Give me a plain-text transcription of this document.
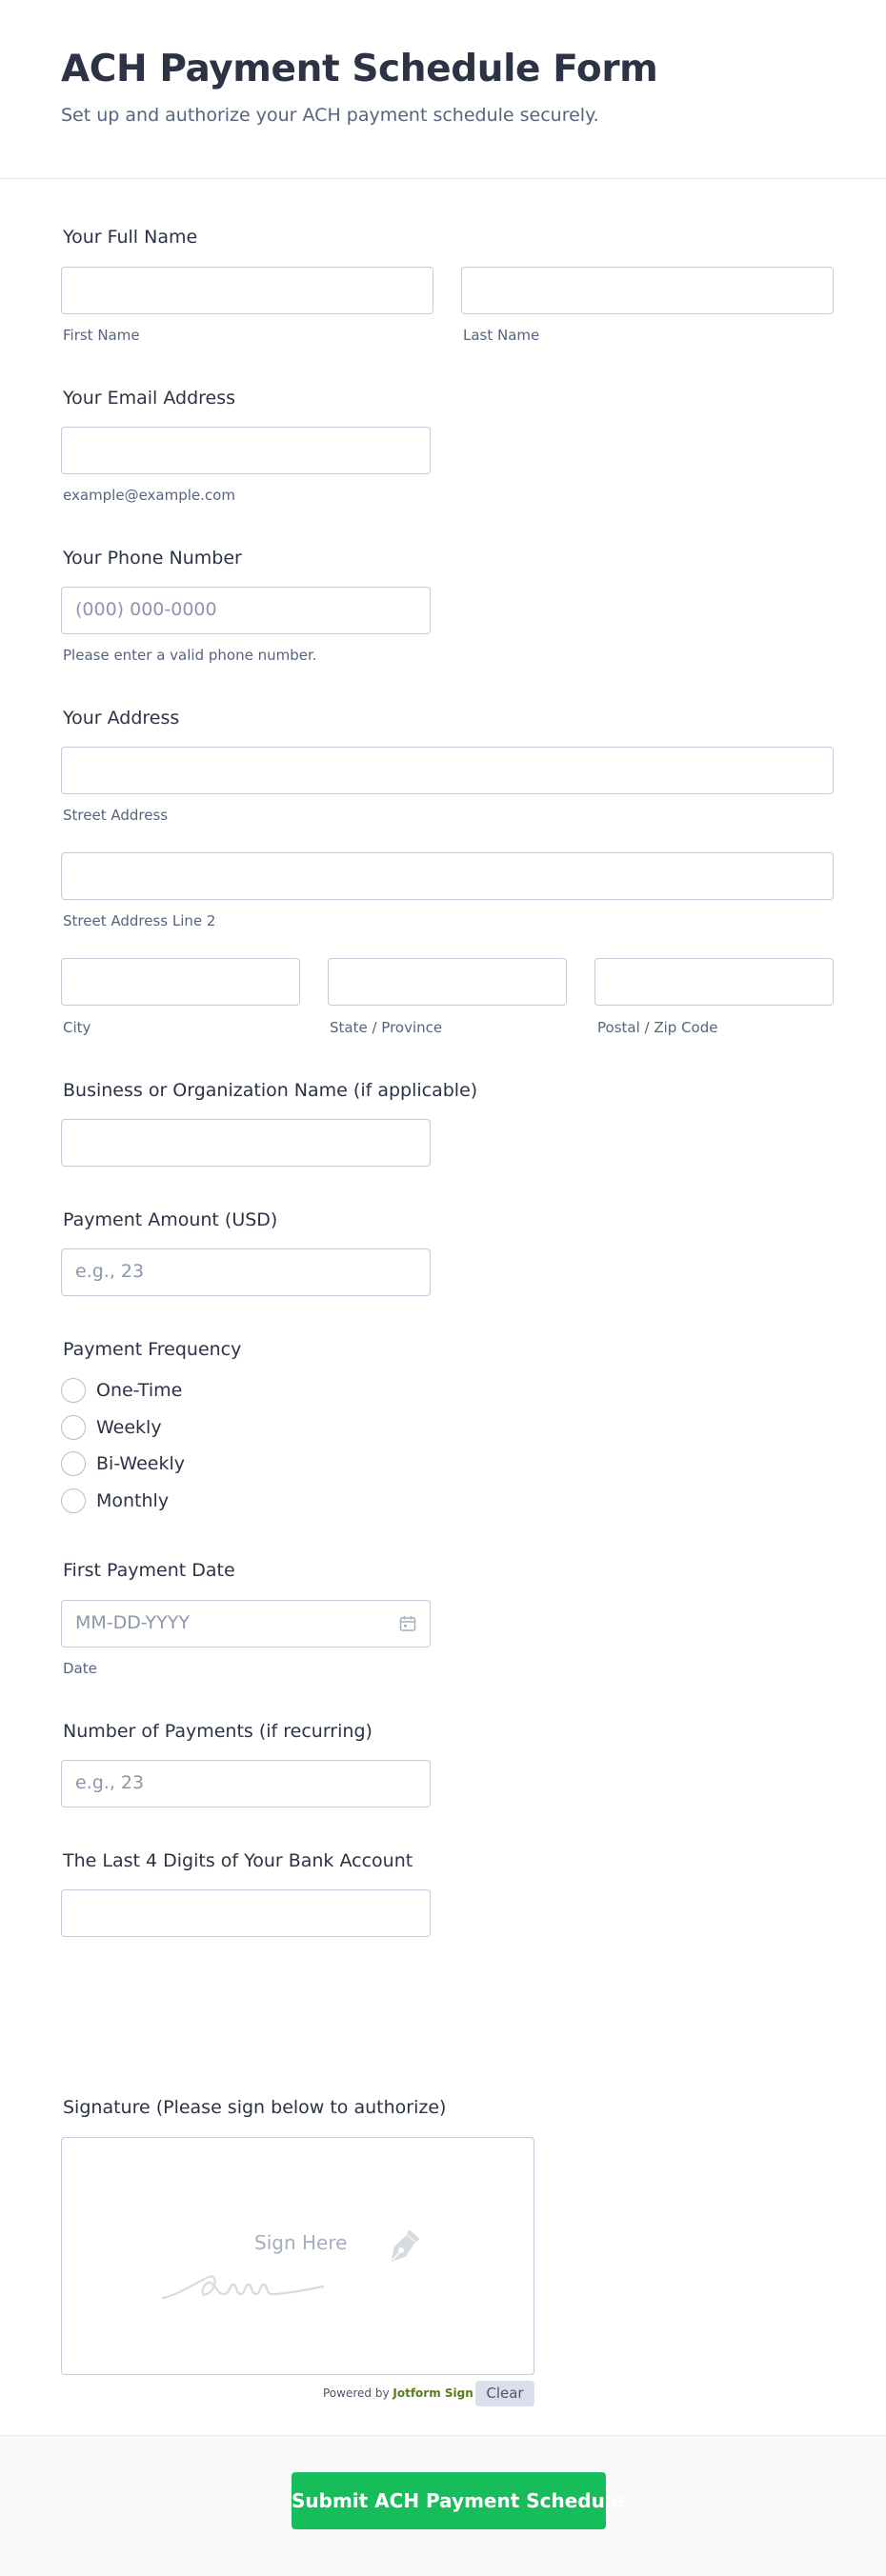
ACH Payment Schedule Form
Set up and authorize your ACH payment schedule securely.
Your Full Name
First Name	Last Name
Your Email Address
example@example.com
Your Phone Number
(000) 000-0000
Please enter a valid phone number.
Your Address
Street Address
Street Address Line 2
City	State / Province	Postal / Zip Code
Business or Organization Name (if applicable)
Payment Amount (USD)
e.g., 23
Payment Frequency
One-Time
Weekly
Bi-Weekly
Monthly
First Payment Date
MM-DD-YYYY
Date
Number of Payments (if recurring)
e.g., 23
The Last 4 Digits of Your Bank Account
Signature (Please sign below to authorize)
Sign Here
Powered by Jotform Sign Clear
Submit ACH Payment Schedule
